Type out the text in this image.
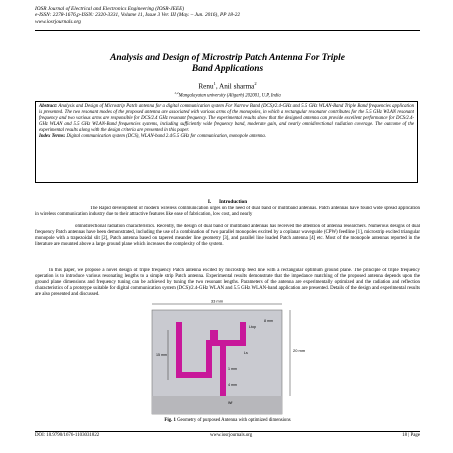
IOSR Journal of Electrical and Electronics Engineering (IOSR-JEEE)
e-ISSN: 2278-1676,p-ISSN: 2320-3331, Volume 11, Issue 3 Ver. III (May. – Jun. 2016), PP 18-22
www.iosrjournals.org
Analysis and Design of Microstrip Patch Antenna For Triple
Band Applications
Renu$^1$, Anil sharma$^2$
$^{1,2}$Mangalayatan university (Aligarh) 202001, U.P, India
Abstract: Analysis and Design of Microstrip Patch antenna for a digital communication system For Narrow Band (DCS)/2.4-GHz and 5.5 GHz WLAN-Band Triple Band frequencies application is presented. The two resonant modes of the proposed antenna are associated with various arms of the monopoles, in which a rectangular resonator contributes for the 5.5 GHz WLAN resonant frequency and two various arms are responsible for DCS/2.4 GHz resonant frequency. The experimental results show that the designed antenna can provide excellent performance for DCS/2.4-GHz WLAN and 5.5 GHz WLAN-Band frequencies systems, including sufficiently wide frequency band, moderate gain, and nearly omnidirectional radiation coverage. The outcome of the experimental results along with the design criteria are presented in this paper.
Index Terms: Digital communication system (DCS), WLAN-band 2.4/5.5 GHz for communication, monopole antenna.
I. Introduction
The Rapid development of modern wireless communication urges on the need of dual band or multiband antennas. Patch antennas have found wide spread application in wireless communication industry due to their attractive features like ease of fabrication, low cost, and nearly
omnidirectional radiation characteristics. Recently, the design of dual band or multiband antennas has received the attention of antenna researchers. Numerous designs of dual frequency Patch antennas have been demonstrated, including the use of a combination of two parallel monopoles excited by a coplanar waveguide (CPW) feedline [1], microstrip excited triangular monopole with a trapezoidal slit [2], Patch antenna based on tapered meander line geometry [3], and parallel line loaded Patch antenna [4] etc. Most of the monopole antennas reported in the literature are mounted above a large ground plane which increases the complexity of the system.
In this paper, we propose a novel design of triple frequency Patch antenna excited by microstrip feed line with a rectangular optimum ground plane. The principle of triple frequency operation is to introduce various resonating lengths to a simple strip Patch antenna. Experimental results demonstrate that the impedance matching of the proposed antenna depends upon the ground plane dimensions and frequency tuning can be achieved by tuning the two resonant lengths. Parameters of the antenna are experimentally optimized and the radiation and reflection characteristics of a prototype suitable for digital communication system (DCS)/2.4-GHz WLAN and 5.5 GHz WLAN-band application are presented. Details of the design and experimental results are also presented and discussed.
33 mm
20 mm
15 mm
Ltop
8 mm
Ls
1 mm
4 mm
Wf
Fig. 1 Geometry of purposed Antenna with optimized dimensions
DOI: 10.9790/1676-1103031822	www.iosrjournals.org	18 | Page
